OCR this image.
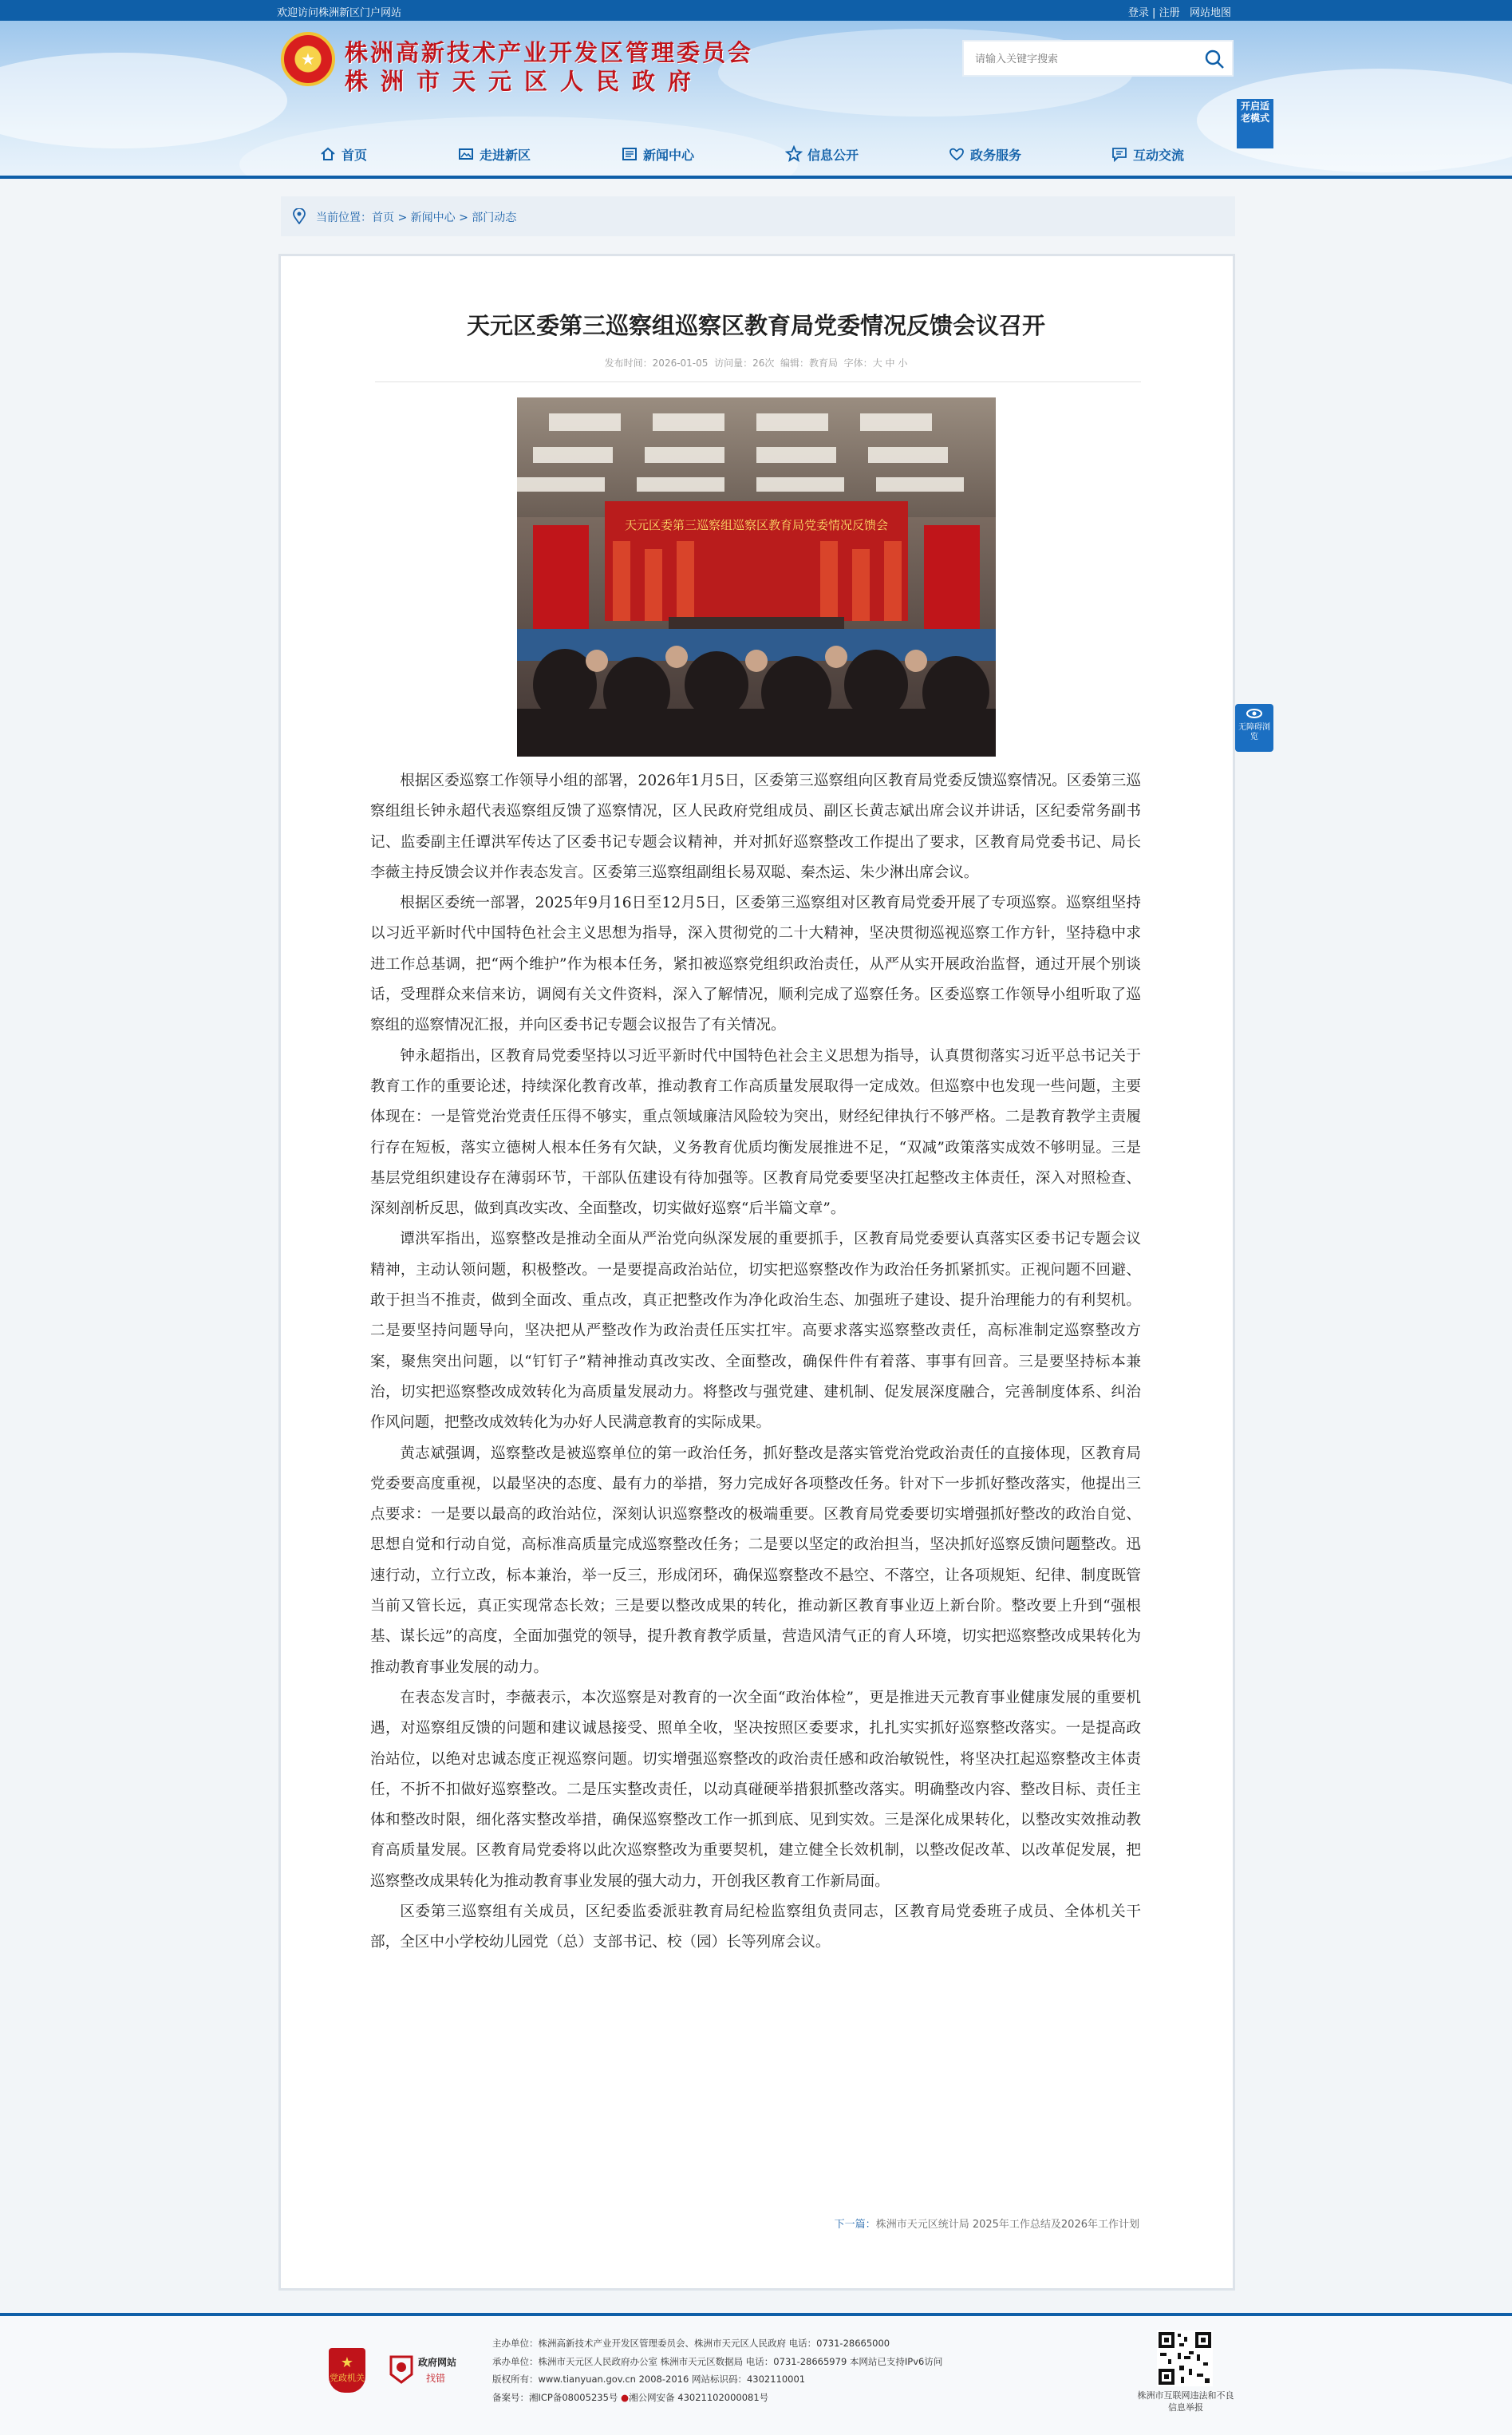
欢迎访问株洲新区门户网站	登录 | 注册 网站地图
★	株洲高新技术产业开发区管理委员会
株洲市天元区人民政府
请输入关键字搜索
开启适老模式
首页	走进新区	新闻中心	信息公开	政务服务	互动交流
当前位置：首页 > 新闻中心 > 部门动态
天元区委第三巡察组巡察区教育局党委情况反馈会议召开
发布时间：2026-01-05 访问量：26次 编辑：教育局 字体：大 中 小
天元区委第三巡察组巡察区教育局党委情况反馈会

根据区委巡察工作领导小组的部署，2026年1月5日，区委第三巡察组向区教育局党委反馈巡察情况。区委第三巡察组组长钟永超代表巡察组反馈了巡察情况，区人民政府党组成员、副区长黄志斌出席会议并讲话，区纪委常务副书记、监委副主任谭洪军传达了区委书记专题会议精神，并对抓好巡察整改工作提出了要求，区教育局党委书记、局长李薇主持反馈会议并作表态发言。区委第三巡察组副组长易双聪、秦杰运、朱少淋出席会议。

根据区委统一部署，2025年9月16日至12月5日，区委第三巡察组对区教育局党委开展了专项巡察。巡察组坚持以习近平新时代中国特色社会主义思想为指导，深入贯彻党的二十大精神，坚决贯彻巡视巡察工作方针，坚持稳中求进工作总基调，把“两个维护”作为根本任务，紧扣被巡察党组织政治责任，从严从实开展政治监督，通过开展个别谈话，受理群众来信来访，调阅有关文件资料，深入了解情况，顺利完成了巡察任务。区委巡察工作领导小组听取了巡察组的巡察情况汇报，并向区委书记专题会议报告了有关情况。

钟永超指出，区教育局党委坚持以习近平新时代中国特色社会主义思想为指导，认真贯彻落实习近平总书记关于教育工作的重要论述，持续深化教育改革，推动教育工作高质量发展取得一定成效。但巡察中也发现一些问题，主要体现在：一是管党治党责任压得不够实，重点领域廉洁风险较为突出，财经纪律执行不够严格。二是教育教学主责履行存在短板，落实立德树人根本任务有欠缺，义务教育优质均衡发展推进不足，“双减”政策落实成效不够明显。三是基层党组织建设存在薄弱环节，干部队伍建设有待加强等。区教育局党委要坚决扛起整改主体责任，深入对照检查、深刻剖析反思，做到真改实改、全面整改，切实做好巡察“后半篇文章”。

谭洪军指出，巡察整改是推动全面从严治党向纵深发展的重要抓手，区教育局党委要认真落实区委书记专题会议精神，主动认领问题，积极整改。一是要提高政治站位，切实把巡察整改作为政治任务抓紧抓实。正视问题不回避、敢于担当不推责，做到全面改、重点改，真正把整改作为净化政治生态、加强班子建设、提升治理能力的有利契机。二是要坚持问题导向，坚决把从严整改作为政治责任压实扛牢。高要求落实巡察整改责任，高标准制定巡察整改方案，聚焦突出问题，以“钉钉子”精神推动真改实改、全面整改，确保件件有着落、事事有回音。三是要坚持标本兼治，切实把巡察整改成效转化为高质量发展动力。将整改与强党建、建机制、促发展深度融合，完善制度体系、纠治作风问题，把整改成效转化为办好人民满意教育的实际成果。

黄志斌强调，巡察整改是被巡察单位的第一政治任务，抓好整改是落实管党治党政治责任的直接体现，区教育局党委要高度重视，以最坚决的态度、最有力的举措，努力完成好各项整改任务。针对下一步抓好整改落实，他提出三点要求：一是要以最高的政治站位，深刻认识巡察整改的极端重要。区教育局党委要切实增强抓好整改的政治自觉、思想自觉和行动自觉，高标准高质量完成巡察整改任务；二是要以坚定的政治担当，坚决抓好巡察反馈问题整改。迅速行动，立行立改，标本兼治，举一反三，形成闭环，确保巡察整改不悬空、不落空，让各项规矩、纪律、制度既管当前又管长远，真正实现常态长效；三是要以整改成果的转化，推动新区教育事业迈上新台阶。整改要上升到“强根基、谋长远”的高度，全面加强党的领导，提升教育教学质量，营造风清气正的育人环境，切实把巡察整改成果转化为推动教育事业发展的动力。

在表态发言时，李薇表示，本次巡察是对教育的一次全面“政治体检”，更是推进天元教育事业健康发展的重要机遇，对巡察组反馈的问题和建议诚恳接受、照单全收，坚决按照区委要求，扎扎实实抓好巡察整改落实。一是提高政治站位，以绝对忠诚态度正视巡察问题。切实增强巡察整改的政治责任感和政治敏锐性，将坚决扛起巡察整改主体责任，不折不扣做好巡察整改。二是压实整改责任，以动真碰硬举措狠抓整改落实。明确整改内容、整改目标、责任主体和整改时限，细化落实整改举措，确保巡察整改工作一抓到底、见到实效。三是深化成果转化，以整改实效推动教育高质量发展。区教育局党委将以此次巡察整改为重要契机，建立健全长效机制，以整改促改革、以改革促发展，把巡察整改成果转化为推动教育事业发展的强大动力，开创我区教育工作新局面。

区委第三巡察组有关成员，区纪委监委派驻教育局纪检监察组负责同志，区教育局党委班子成员、全体机关干部，全区中小学校幼儿园党（总）支部书记、校（园）长等列席会议。

下一篇：株洲市天元区统计局 2025年工作总结及2026年工作计划
无障碍浏览
★
党政机关
政府网站
找错
主办单位：株洲高新技术产业开发区管理委员会、株洲市天元区人民政府 电话：0731-28665000
承办单位：株洲市天元区人民政府办公室 株洲市天元区数据局 电话：0731-28665979 本网站已支持IPv6访问
版权所有：www.tianyuan.gov.cn 2008-2016 网站标识码：4302110001
备案号：湘ICP备08005235号 ●湘公网安备 43021102000081号	株洲市互联网违法和不良信息举报
